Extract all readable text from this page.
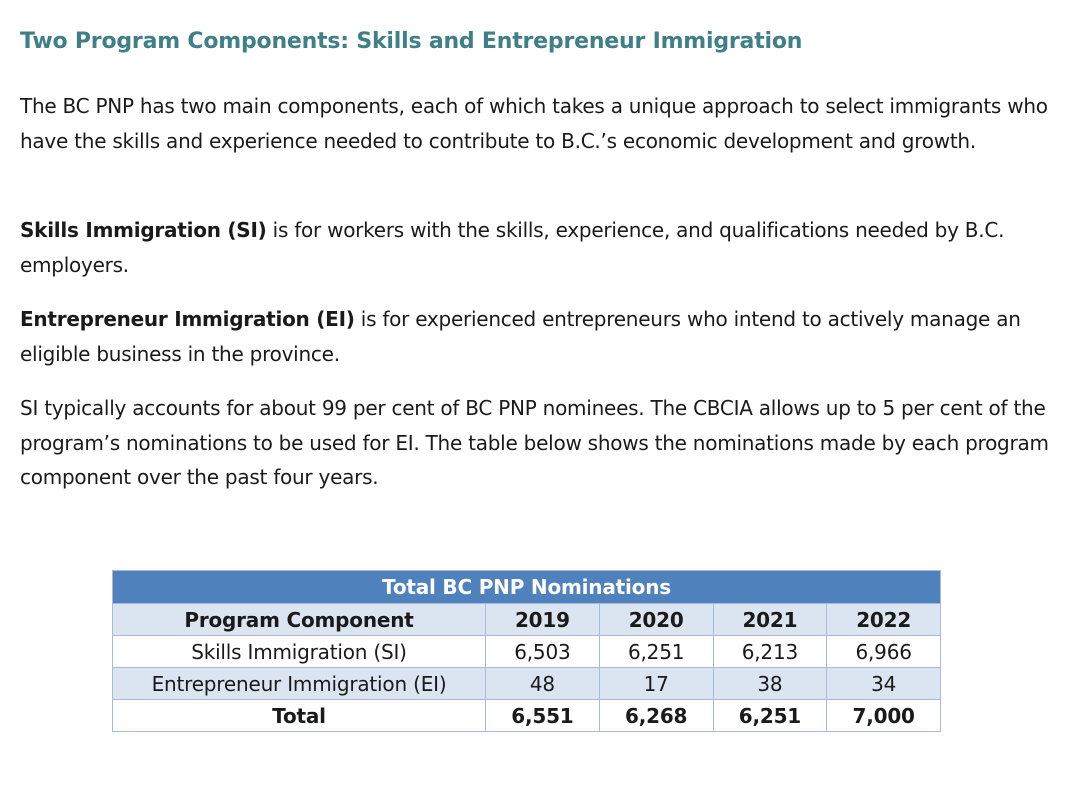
Two Program Components: Skills and Entrepreneur Immigration

The BC PNP has two main components, each of which takes a unique approach to select immigrants who have the skills and experience needed to contribute to B.C.’s economic development and growth.

Skills Immigration (SI) is for workers with the skills, experience, and qualifications needed by B.C. employers.

Entrepreneur Immigration (EI) is for experienced entrepreneurs who intend to actively manage an eligible business in the province.

SI typically accounts for about 99 per cent of BC PNP nominees. The CBCIA allows up to 5 per cent of the program’s nominations to be used for EI. The table below shows the nominations made by each program component over the past four years.

Total BC PNP Nominations				
Program Component	2019	2020	2021	2022
Skills Immigration (SI)	6,503	6,251	6,213	6,966
Entrepreneur Immigration (EI)	48	17	38	34
Total	6,551	6,268	6,251	7,000
